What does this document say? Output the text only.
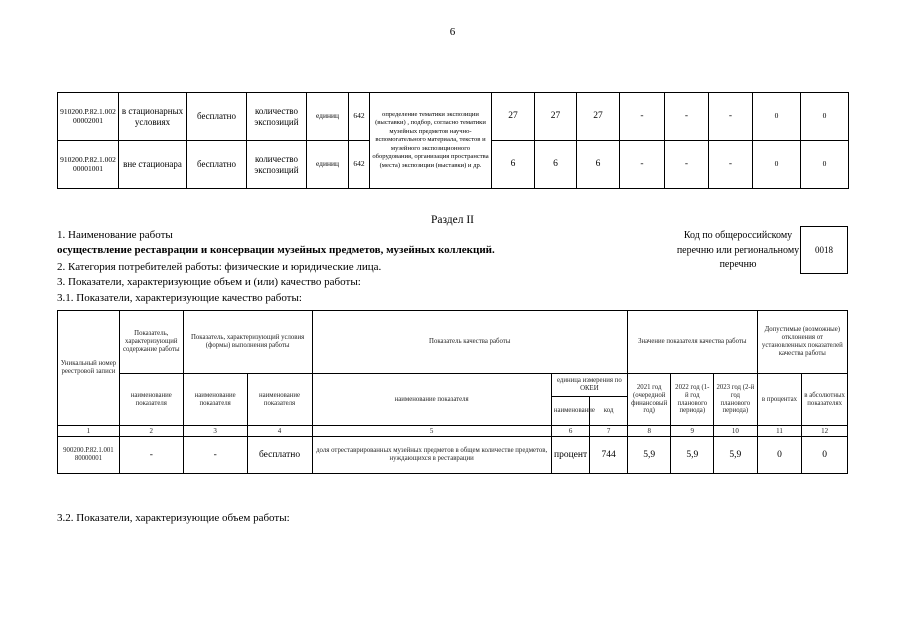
6
910200.Р.82.1.002 00002001	в стационарных условиях	бесплатно	количество экспозиций	единиц	642	определение тематики экспозиции (выставки) , подбор, согласно тематики музейных предметов научно-вспомогательного материала, текстов и музейного экспозиционного оборудования, организация пространства (места) экспозиции (выставки) и др.	27	27	27	-	-	-	0	0
910200.Р.82.1.002 00001001	вне стационара	бесплатно	количество экспозиций	единиц	642		6	6	6	-	-	-	0	0
Раздел II
1. Наименование работы
осуществление реставрации и консервации музейных предметов, музейных коллекций.
2. Категория потребителей работы: физические и юридические лица.
3. Показатели, характеризующие объем и (или) качество работы:
3.1. Показатели, характеризующие качество работы:
Код по общероссийскому перечню или региональному перечню
0018
Уникальный номер реестровой записи	Показатель, характеризующий содержание работы	Показатель, характеризующий условия (формы) выполнения работы		Показатель качества работы			Значение показателя качества работы			Допустимые (возможные) отклонения от установленных показателей качества работы	
	наименование показателя	наименование показателя	наименование показателя	наименование показателя	единица измерения по ОКЕИ		2021 год (очередной финансовый год)	2022 год (1-й год планового периода)	2023 год (2-й год планового периода)	в процентах	в абсолютных показателях
					наименование	код					
1	2	3	4	5	6	7	8	9	10	11	12
900200.Р.82.1.001 80000001	-	-	бесплатно	доля отреставрированных музейных предметов в общем количестве предметов, нуждающихся в реставрации	процент	744	5,9	5,9	5,9	0	0
3.2. Показатели, характеризующие объем работы:
